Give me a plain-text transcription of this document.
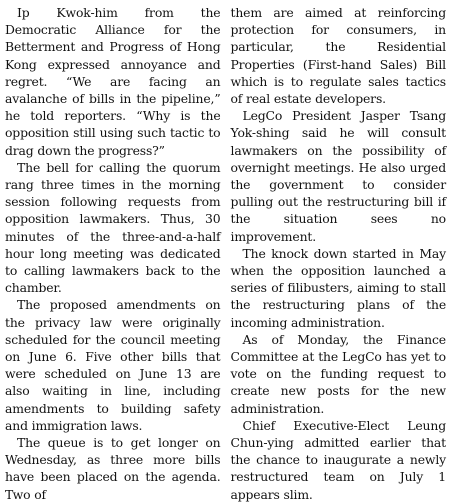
Ip Kwok-him from the Democratic Alliance for the Betterment and Progress of Hong Kong expressed annoyance and regret. “We are facing an avalanche of bills in the pipeline,” he told reporters. “Why is the opposition still using such tactic to drag down the progress?”

The bell for calling the quorum rang three times in the morning session following requests from opposition lawmakers. Thus, 30 minutes of the three-and-a-half hour long meeting was dedicated to calling lawmakers back to the chamber.

The proposed amendments on the privacy law were originally scheduled for the council meeting on June 6. Five other bills that were scheduled on June 13 are also waiting in line, including amendments to building safety and immigration laws.

The queue is to get longer on Wednesday, as three more bills have been placed on the agenda. Two of

them are aimed at reinforcing protection for consumers, in particular, the Residential Properties (First-hand Sales) Bill which is to regulate sales tactics of real estate developers.

LegCo President Jasper Tsang Yok-shing said he will consult lawmakers on the possibility of overnight meetings. He also urged the government to consider pulling out the restructuring bill if the situation sees no improvement.

The knock down started in May when the opposition launched a series of filibusters, aiming to stall the restructuring plans of the incoming administration.

As of Monday, the Finance Committee at the LegCo has yet to vote on the funding request to create new posts for the new administration.

Chief Executive-Elect Leung Chun-ying admitted earlier that the chance to inaugurate a newly restructured team on July 1 appears slim.
